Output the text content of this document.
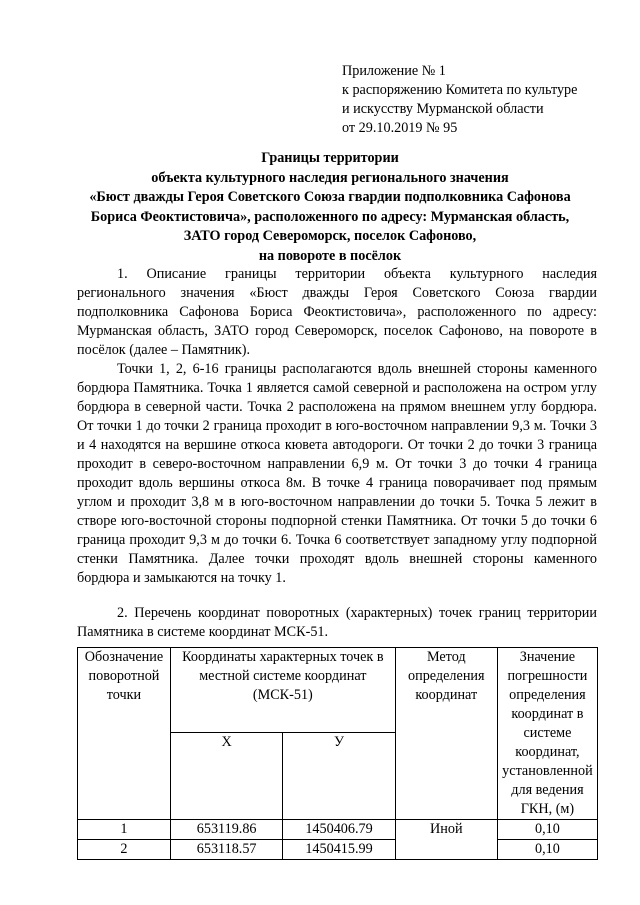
Приложение № 1
к распоряжению Комитета по культуре
и искусству Мурманской области
от 29.10.2019 № 95
Границы территории
объекта культурного наследия регионального значения
«Бюст дважды Героя Советского Союза гвардии подполковника Сафонова
Бориса Феоктистовича», расположенного по адресу: Мурманская область,
ЗАТО город Североморск, поселок Сафоново,
на повороте в посёлок

1. Описание границы территории объекта культурного наследия регионального значения «Бюст дважды Героя Советского Союза гвардии подполковника Сафонова Бориса Феоктистовича», расположенного по адресу: Мурманская область, ЗАТО город Североморск, поселок Сафоново, на повороте в посёлок (далее – Памятник).

Точки 1, 2, 6-16 границы располагаются вдоль внешней стороны каменного бордюра Памятника. Точка 1 является самой северной и расположена на остром углу бордюра в северной части. Точка 2 расположена на прямом внешнем углу бордюра. От точки 1 до точки 2 граница проходит в юго-восточном направлении 9,3 м. Точки 3 и 4 находятся на вершине откоса кювета автодороги. От точки 2 до точки 3 граница проходит в северо-восточном направлении 6,9 м. От точки 3 до точки 4 граница проходит вдоль вершины откоса 8м. В точке 4 граница поворачивает под прямым углом и проходит 3,8 м в юго-восточном направлении до точки 5. Точка 5 лежит в створе юго-восточной стороны подпорной стенки Памятника. От точки 5 до точки 6 граница проходит 9,3 м до точки 6. Точка 6 соответствует западному углу подпорной стенки Памятника. Далее точки проходят вдоль внешней стороны каменного бордюра и замыкаются на точку 1.

2. Перечень координат поворотных (характерных) точек границ территории Памятника в системе координат МСК-51.

Обозначение поворотной точки	Координаты характерных точек в местной системе координат (МСК-51)		Метод определения координат	Значение погрешности определения координат в системе координат, установленной для ведения ГКН, (м)
	X	У		
1	653119.86	1450406.79	Иной	0,10
2	653118.57	1450415.99		0,10
